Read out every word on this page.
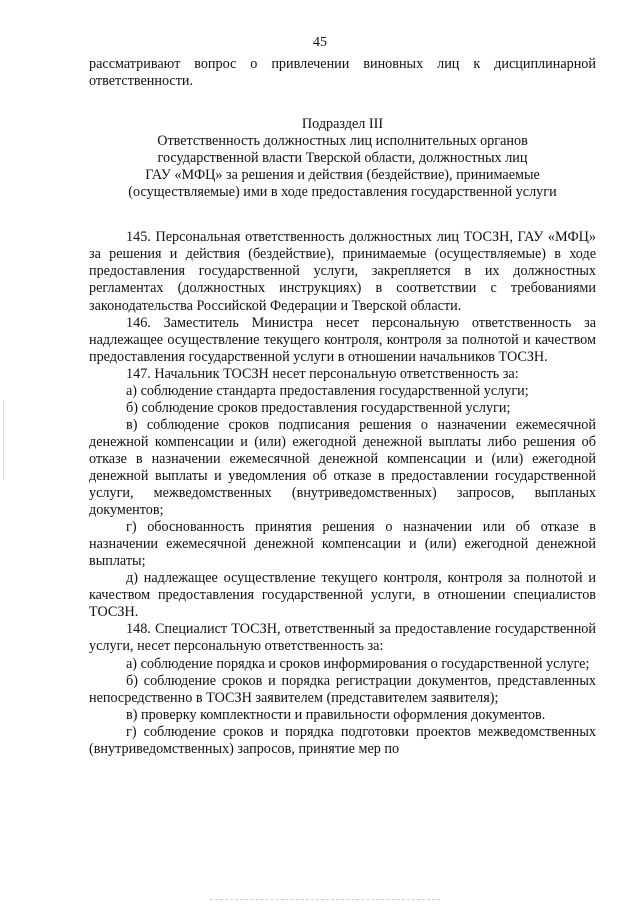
45

рассматривают вопрос о привлечении виновных лиц к дисциплинарной ответственности.

Подраздел III
Ответственность должностных лиц исполнительных органов
государственной власти Тверской области, должностных лиц
ГАУ «МФЦ» за решения и действия (бездействие), принимаемые
(осуществляемые) ими в ходе предоставления государственной услуги

145. Персональная ответственность должностных лиц ТОСЗН, ГАУ «МФЦ» за решения и действия (бездействие), принимаемые (осуществляемые) в ходе предоставления государственной услуги, закрепляется в их должностных регламентах (должностных инструкциях) в соответствии с требованиями законодательства Российской Федерации и Тверской области.

146. Заместитель Министра несет персональную ответственность за надлежащее осуществление текущего контроля, контроля за полнотой и качеством предоставления государственной услуги в отношении начальников ТОСЗН.

147. Начальник ТОСЗН несет персональную ответственность за:

а) соблюдение стандарта предоставления государственной услуги;

б) соблюдение сроков предоставления государственной услуги;

в) соблюдение сроков подписания решения о назначении ежемесячной денежной компенсации и (или) ежегодной денежной выплаты либо решения об отказе в назначении ежемесячной денежной компенсации и (или) ежегодной денежной выплаты и уведомления об отказе в предоставлении государственной услуги, межведомственных (внутриведомственных) запросов, выпланых документов;

г) обоснованность принятия решения о назначении или об отказе в назначении ежемесячной денежной компенсации и (или) ежегодной денежной выплаты;

д) надлежащее осуществление текущего контроля, контроля за полнотой и качеством предоставления государственной услуги, в отношении специалистов ТОСЗН.

148. Специалист ТОСЗН, ответственный за предоставление государственной услуги, несет персональную ответственность за:

а) соблюдение порядка и сроков информирования о государственной услуге;

б) соблюдение сроков и порядка регистрации документов, представленных непосредственно в ТОСЗН заявителем (представителем заявителя);

в) проверку комплектности и правильности оформления документов.

г) соблюдение сроков и порядка подготовки проектов межведомственных (внутриведомственных) запросов, принятие мер по
